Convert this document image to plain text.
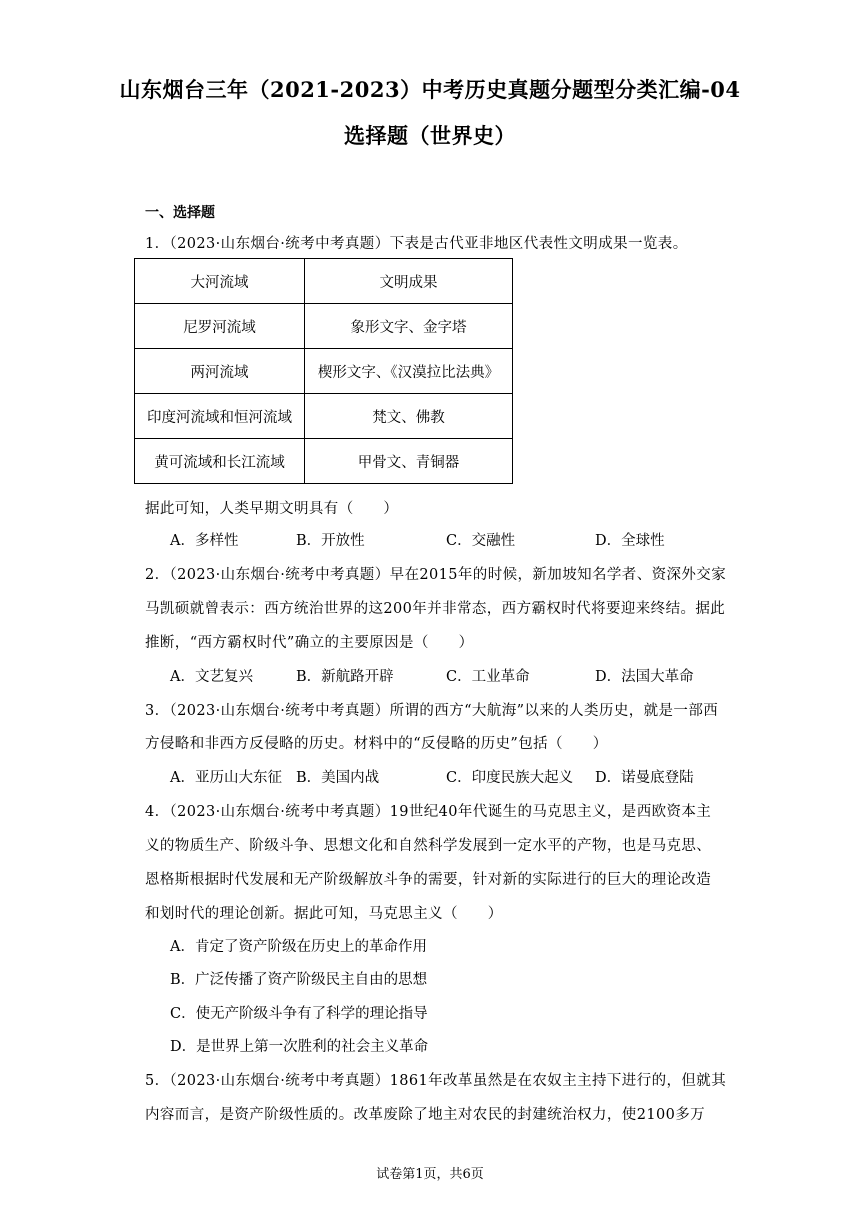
山东烟台三年（2021-2023）中考历史真题分题型分类汇编-04
选择题（世界史）
一、选择题
1．（2023·山东烟台·统考中考真题）下表是古代亚非地区代表性文明成果一览表。
大河流域	文明成果
尼罗河流域	象形文字、金字塔
两河流域	楔形文字、《汉漠拉比法典》
印度河流域和恒河流域	梵文、佛教
黄可流域和长江流域	甲骨文、青铜器
据此可知，人类早期文明具有（　　）
A．多样性	B．开放性	C．交融性	D．全球性
2．（2023·山东烟台·统考中考真题）早在2015年的时候，新加坡知名学者、资深外交家
马凯硕就曾表示：西方统治世界的这200年并非常态，西方霸权时代将要迎来终结。据此
推断，“西方霸权时代”确立的主要原因是（　　）
A．文艺复兴	B．新航路开辟	C．工业革命	D．法国大革命
3．（2023·山东烟台·统考中考真题）所谓的西方“大航海”以来的人类历史，就是一部西
方侵略和非西方反侵略的历史。材料中的“反侵略的历史”包括（　　）
A．亚历山大东征 B．美国内战	C．印度民族大起义 D．诺曼底登陆
4．（2023·山东烟台·统考中考真题）19世纪40年代诞生的马克思主义，是西欧资本主
义的物质生产、阶级斗争、思想文化和自然科学发展到一定水平的产物，也是马克思、
恩格斯根据时代发展和无产阶级解放斗争的需要，针对新的实际进行的巨大的理论改造
和划时代的理论创新。据此可知，马克思主义（　　）
A．肯定了资产阶级在历史上的革命作用
B．广泛传播了资产阶级民主自由的思想
C．使无产阶级斗争有了科学的理论指导
D．是世界上第一次胜利的社会主义革命
5．（2023·山东烟台·统考中考真题）1861年改革虽然是在农奴主主持下进行的，但就其
内容而言，是资产阶级性质的。改革废除了地主对农民的封建统治权力，使2100多万
试卷第1页，共6页
